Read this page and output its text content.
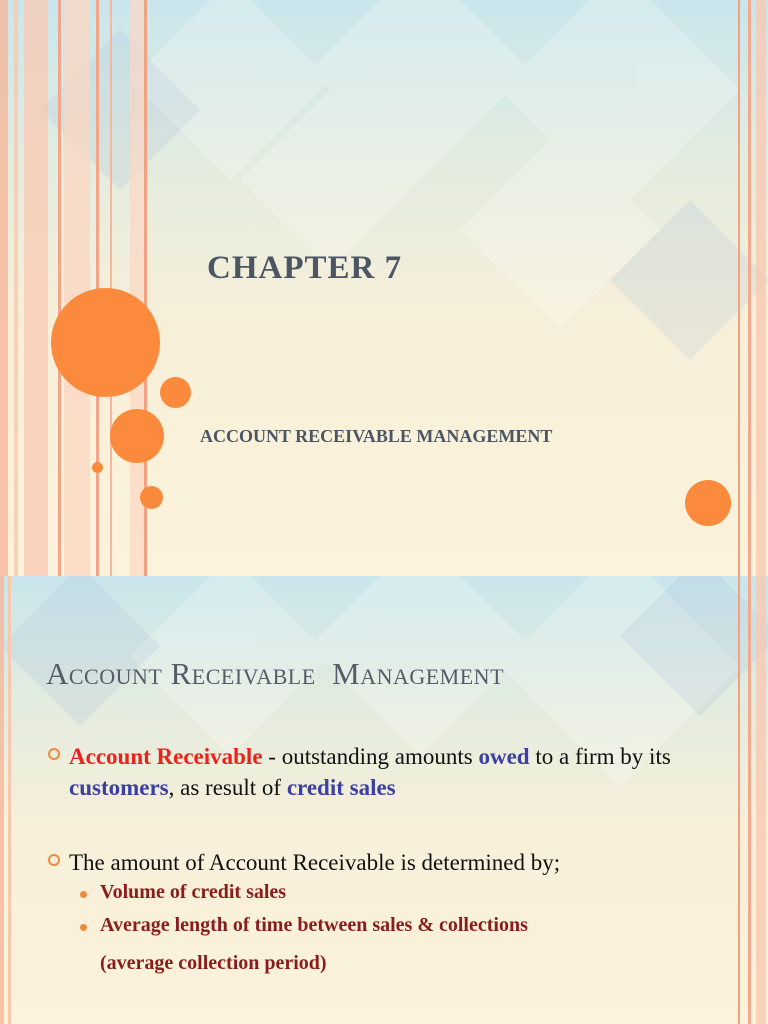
CHAPTER 7
ACCOUNT RECEIVABLE MANAGEMENT
Account Receivable  Management
Account Receivable - outstanding amounts owed to a firm by its customers, as result of credit sales
The amount of Account Receivable is determined by;
Volume of credit sales
Average length of time between sales & collections
(average collection period)
